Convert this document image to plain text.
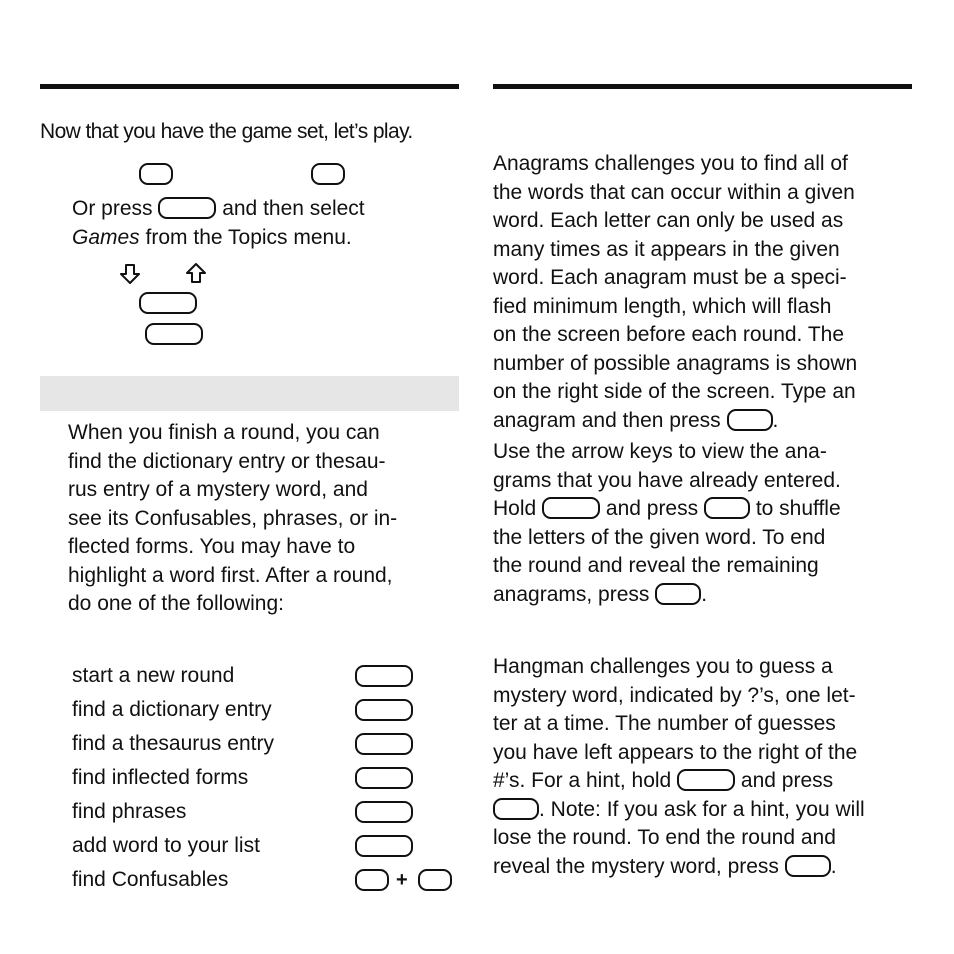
Now that you have the game set, let’s play.
Or press	and then select
Games from the Topics menu.
When you finish a round, you can
find the dictionary entry or thesau-
rus entry of a mystery word, and
see its Confusables, phrases, or in-
flected forms. You may have to
highlight a word first. After a round,
do one of the following:
start a new round
find a dictionary entry
find a thesaurus entry
find inflected forms
find phrases
add word to your list
find Confusables	+
Anagrams challenges you to find all of
the words that can occur within a given
word. Each letter can only be used as
many times as it appears in the given
word. Each anagram must be a speci-
fied minimum length, which will flash
on the screen before each round. The
number of possible anagrams is shown
on the right side of the screen. Type an
anagram and then press .
Use the arrow keys to view the ana-
grams that you have already entered.
Hold	and press	to shuffle
the letters of the given word. To end
the round and reveal the remaining
anagrams, press .
Hangman challenges you to guess a
mystery word, indicated by ?’s, one let-
ter at a time. The number of guesses
you have left appears to the right of the
#’s. For a hint, hold	and press
. Note: If you ask for a hint, you will
lose the round. To end the round and
reveal the mystery word, press .
